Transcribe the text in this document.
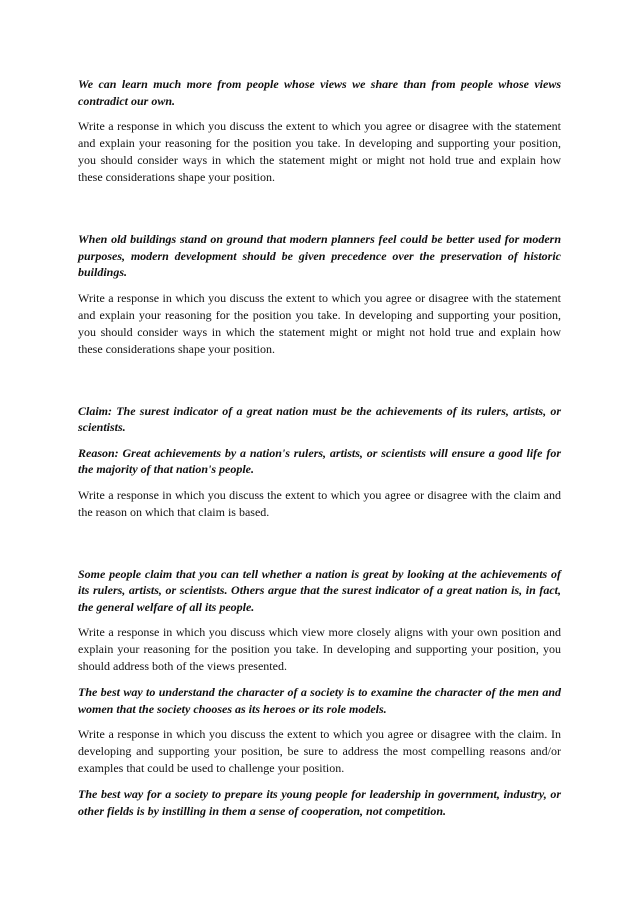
We can learn much more from people whose views we share than from people whose views contradict our own.

Write a response in which you discuss the extent to which you agree or disagree with the statement and explain your reasoning for the position you take. In developing and supporting your position, you should consider ways in which the statement might or might not hold true and explain how these considerations shape your position.

When old buildings stand on ground that modern planners feel could be better used for modern purposes, modern development should be given precedence over the preservation of historic buildings.

Write a response in which you discuss the extent to which you agree or disagree with the statement and explain your reasoning for the position you take. In developing and supporting your position, you should consider ways in which the statement might or might not hold true and explain how these considerations shape your position.

Claim: The surest indicator of a great nation must be the achievements of its rulers, artists, or scientists.

Reason: Great achievements by a nation's rulers, artists, or scientists will ensure a good life for the majority of that nation's people.

Write a response in which you discuss the extent to which you agree or disagree with the claim and the reason on which that claim is based.

Some people claim that you can tell whether a nation is great by looking at the achievements of its rulers, artists, or scientists. Others argue that the surest indicator of a great nation is, in fact, the general welfare of all its people.

Write a response in which you discuss which view more closely aligns with your own position and explain your reasoning for the position you take. In developing and supporting your position, you should address both of the views presented.

The best way to understand the character of a society is to examine the character of the men and women that the society chooses as its heroes or its role models.

Write a response in which you discuss the extent to which you agree or disagree with the claim. In developing and supporting your position, be sure to address the most compelling reasons and/or examples that could be used to challenge your position.

The best way for a society to prepare its young people for leadership in government, industry, or other fields is by instilling in them a sense of cooperation, not competition.
